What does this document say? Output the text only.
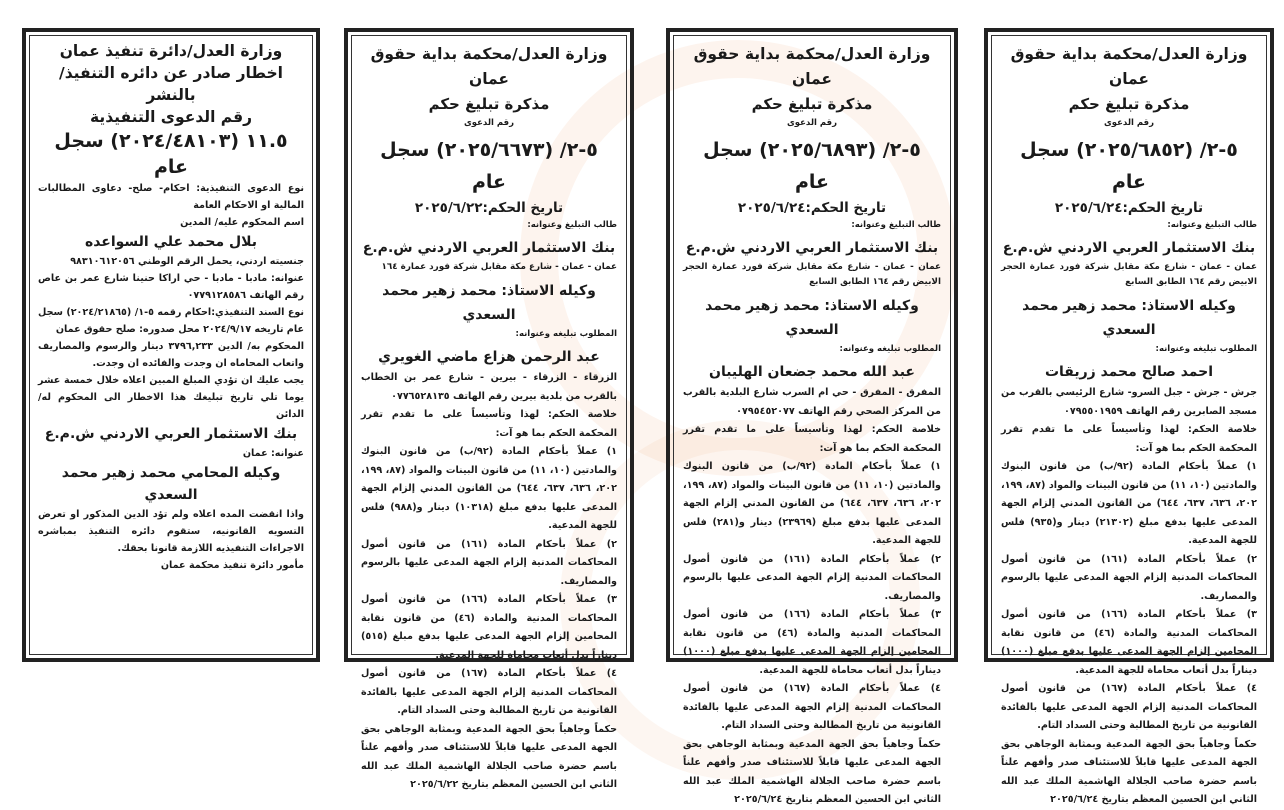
وزارة العدل/دائرة تنفيذ عمان
اخطار صادر عن دائره التنفيذ/ بالنشر
رقم الدعوى التنفيذية
١١.٥ (٢٠٢٤/٤٨١٠٣) سجل عام
نوع الدعوى التنفيذية: احكام- صلح- دعاوى المطالبات المالية او الاحكام العامة
اسم المحكوم عليه/ المدين
بلال محمد علي السواعده
جنسيته اردني، يحمل الرقم الوطني ٩٨٣١٠٦١٢٠٥٦
عنوانه: مادبا - مادبا - حي اراكا حنينا شارع عمر بن عاص رقم الهاتف ٠٧٧٩١٢٨٥٨٦
نوع السند التنفيذي:احكام رقمه ٥-١/ (٢٠٢٤/٢١٨٦٥) سجل عام تاريخه ٢٠٢٤/٩/١٧ محل صدوره: صلح حقوق عمان
المحكوم به/ الدين ٣٧٩٦,٢٣٣ دينار والرسوم والمصاريف واتعاب المحاماه ان وجدت والفائده ان وجدت.
يجب عليك ان تؤدي المبلغ المبين اعلاه خلال خمسة عشر يوما تلي تاريخ تبليغك هذا الاخطار الى المحكوم له/ الدائن
بنك الاستثمار العربي الاردني ش.م.ع
عنوانه: عمان
وكيله المحامي محمد زهير محمد السعدي
واذا انقضت المده اعلاه ولم تؤد الدين المذكور او تعرض التسويه القانونيه، ستقوم دائره التنفيذ بمباشره الاجراءات التنفيذيه اللازمة قانونا بحقك.
مأمور دائرة تنفيذ محكمة عمان
وزارة العدل/محكمة بداية حقوق عمان
مذكرة تبليغ حكم
رقم الدعوى
٥-٢/ (٢٠٢٥/٦٦٧٣) سجل عام
تاريخ الحكم:٢٠٢٥/٦/٢٢
طالب التبليغ وعنوانه:
بنك الاستثمار العربي الاردني ش.م.ع
عمان - عمان - شارع مكة مقابل شركة فورد عمارة ١٦٤
وكيله الاستاذ: محمد زهير محمد السعدي
المطلوب تبليغه وعنوانه:
عبد الرحمن هزاع ماضي الغويري
الزرقاء - الزرقاء - بيرين - شارع عمر بن الخطاب بالقرب من بلدية بيرين رقم الهاتف ٠٧٧٦٥٢٨١٣٥
خلاصة الحكم: لهذا وتأسيساً على ما تقدم تقرر المحكمة الحكم بما هو آت:
١) عملاً بأحكام المادة (٩٢/ب) من قانون البنوك والمادتين (١٠، ١١) من قانون البينات والمواد (٨٧، ١٩٩، ٢٠٢، ٦٣٦، ٦٣٧، ٦٤٤) من القانون المدني إلزام الجهة المدعى عليها بدفع مبلغ (١٠٣١٨) دينار و(٩٨٨) فلس للجهة المدعية.
٢) عملاً بأحكام المادة (١٦١) من قانون أصول المحاكمات المدنية إلزام الجهة المدعى عليها بالرسوم والمصاريف.
٣) عملاً بأحكام المادة (١٦٦) من قانون أصول المحاكمات المدنية والمادة (٤٦) من قانون نقابة المحامين إلزام الجهة المدعى عليها بدفع مبلغ (٥١٥) ديناراً بدل أتعاب محاماة للجهة المدعية.
٤) عملاً بأحكام المادة (١٦٧) من قانون أصول المحاكمات المدنية إلزام الجهة المدعى عليها بالفائدة القانونية من تاريخ المطالبة وحتى السداد التام.
حكماً وجاهياً بحق الجهة المدعية وبمثابة الوجاهي بحق الجهة المدعى عليها قابلاً للاستئناف صدر وأفهم علناً باسم حضرة صاحب الجلالة الهاشمية الملك عبد الله الثاني ابن الحسين المعظم بتاريخ ٢٠٢٥/٦/٢٢
وزارة العدل/محكمة بداية حقوق عمان
مذكرة تبليغ حكم
رقم الدعوى
٥-٢/ (٢٠٢٥/٦٨٩٣) سجل عام
تاريخ الحكم:٢٠٢٥/٦/٢٤
طالب التبليغ وعنوانه:
بنك الاستثمار العربي الاردني ش.م.ع
عمان - عمان - شارع مكة مقابل شركة فورد عمارة الحجر الابيض رقم ١٦٤ الطابق السابع
وكيله الاستاذ: محمد زهير محمد السعدي
المطلوب تبليغه وعنوانه:
عبد الله محمد جضعان الهليبان
المفرق - المفرق - حي ام السرب شارع البلدية بالقرب من المركز الصحي رقم الهاتف ٠٧٩٥٤٥٢٠٧٧
خلاصة الحكم: لهذا وتأسيساً على ما تقدم تقرر المحكمة الحكم بما هو آت:
١) عملاً بأحكام المادة (٩٢/ب) من قانون البنوك والمادتين (١٠، ١١) من قانون البينات والمواد (٨٧، ١٩٩، ٢٠٢، ٦٣٦، ٦٣٧، ٦٤٤) من القانون المدني إلزام الجهة المدعى عليها بدفع مبلغ (٢٣٩٦٩) دينار و(٢٨١) فلس للجهة المدعية.
٢) عملاً بأحكام المادة (١٦١) من قانون أصول المحاكمات المدنية إلزام الجهة المدعى عليها بالرسوم والمصاريف.
٣) عملاً بأحكام المادة (١٦٦) من قانون أصول المحاكمات المدنية والمادة (٤٦) من قانون نقابة المحامين إلزام الجهة المدعى عليها بدفع مبلغ (١٠٠٠) ديناراً بدل أتعاب محاماة للجهة المدعية.
٤) عملاً بأحكام المادة (١٦٧) من قانون أصول المحاكمات المدنية إلزام الجهة المدعى عليها بالفائدة القانونية من تاريخ المطالبة وحتى السداد التام.
حكماً وجاهياً بحق الجهة المدعية وبمثابة الوجاهي بحق الجهة المدعى عليها قابلاً للاستئناف صدر وأفهم علناً باسم حضرة صاحب الجلالة الهاشمية الملك عبد الله الثاني ابن الحسين المعظم بتاريخ ٢٠٢٥/٦/٢٤
وزارة العدل/محكمة بداية حقوق عمان
مذكرة تبليغ حكم
رقم الدعوى
٥-٢/ (٢٠٢٥/٦٨٥٢) سجل عام
تاريخ الحكم:٢٠٢٥/٦/٢٤
طالب التبليغ وعنوانه:
بنك الاستثمار العربي الاردني ش.م.ع
عمان - عمان - شارع مكة مقابل شركة فورد عمارة الحجر الابيض رقم ١٦٤ الطابق السابع
وكيله الاستاذ: محمد زهير محمد السعدي
المطلوب تبليغه وعنوانه:
احمد صالح محمد زريقات
جرش - جرش - جبل السرو- شارع الرئيسي بالقرب من مسجد الصابرين رقم الهاتف ٠٧٩٥٥٠١٩٥٩
خلاصة الحكم: لهذا وتأسيساً على ما تقدم تقرر المحكمة الحكم بما هو آت:
١) عملاً بأحكام المادة (٩٢/ب) من قانون البنوك والمادتين (١٠، ١١) من قانون البينات والمواد (٨٧، ١٩٩، ٢٠٢، ٦٣٦، ٦٣٧، ٦٤٤) من القانون المدني إلزام الجهة المدعى عليها بدفع مبلغ (٢١٣٠٢) دينار و(٩٣٥) فلس للجهة المدعية.
٢) عملاً بأحكام المادة (١٦١) من قانون أصول المحاكمات المدنية إلزام الجهة المدعى عليها بالرسوم والمصاريف.
٣) عملاً بأحكام المادة (١٦٦) من قانون أصول المحاكمات المدنية والمادة (٤٦) من قانون نقابة المحامين إلزام الجهة المدعى عليها بدفع مبلغ (١٠٠٠) ديناراً بدل أتعاب محاماة للجهة المدعية.
٤) عملاً بأحكام المادة (١٦٧) من قانون أصول المحاكمات المدنية إلزام الجهة المدعى عليها بالفائدة القانونية من تاريخ المطالبة وحتى السداد التام.
حكماً وجاهياً بحق الجهة المدعية وبمثابة الوجاهي بحق الجهة المدعى عليها قابلاً للاستئناف صدر وأفهم علناً باسم حضرة صاحب الجلالة الهاشمية الملك عبد الله الثاني ابن الحسين المعظم بتاريخ ٢٠٢٥/٦/٢٤
